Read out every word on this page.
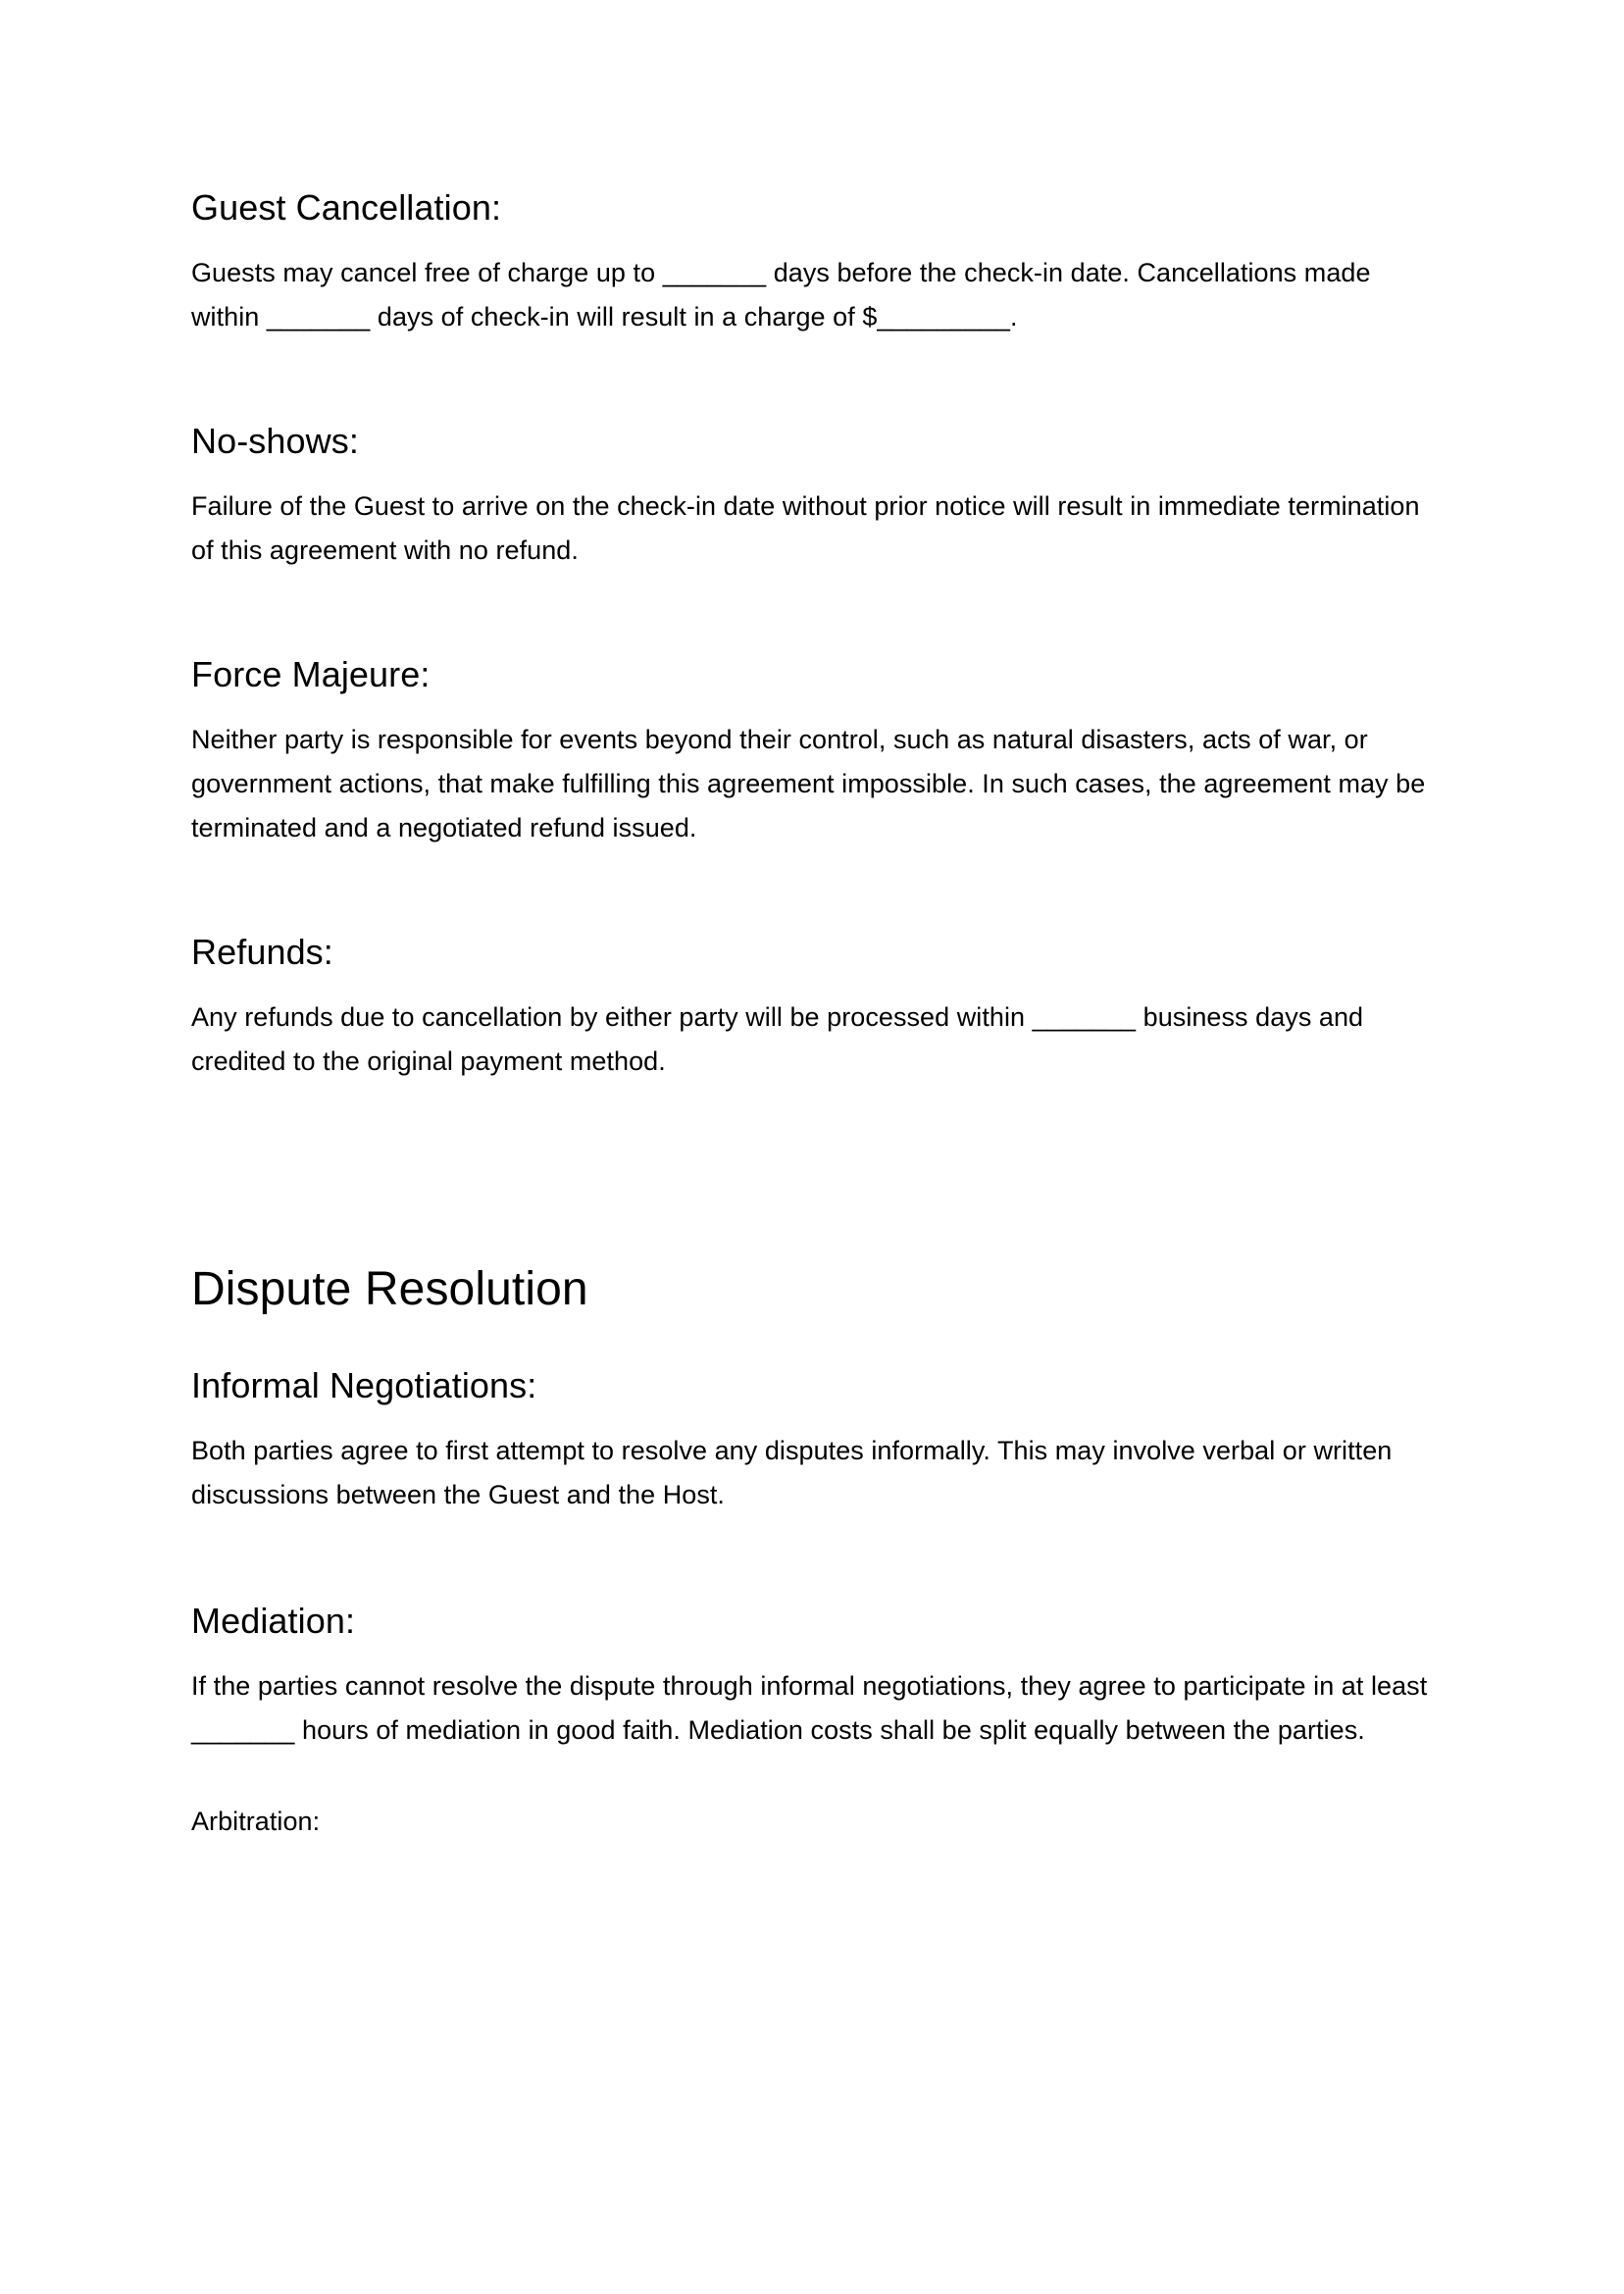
Guest Cancellation:

Guests may cancel free of charge up to _______ days before the check-in date. Cancellations made within _______ days of check-in will result in a charge of $_________.

No-shows:

Failure of the Guest to arrive on the check-in date without prior notice will result in immediate termination of this agreement with no refund.

Force Majeure:

Neither party is responsible for events beyond their control, such as natural disasters, acts of war, or government actions, that make fulfilling this agreement impossible. In such cases, the agreement may be terminated and a negotiated refund issued.

Refunds:

Any refunds due to cancellation by either party will be processed within _______ business days and credited to the original payment method.

Dispute Resolution
Informal Negotiations:

Both parties agree to first attempt to resolve any disputes informally. This may involve verbal or written discussions between the Guest and the Host.

Mediation:

If the parties cannot resolve the dispute through informal negotiations, they agree to participate in at least _______ hours of mediation in good faith. Mediation costs shall be split equally between the parties.

Arbitration:
